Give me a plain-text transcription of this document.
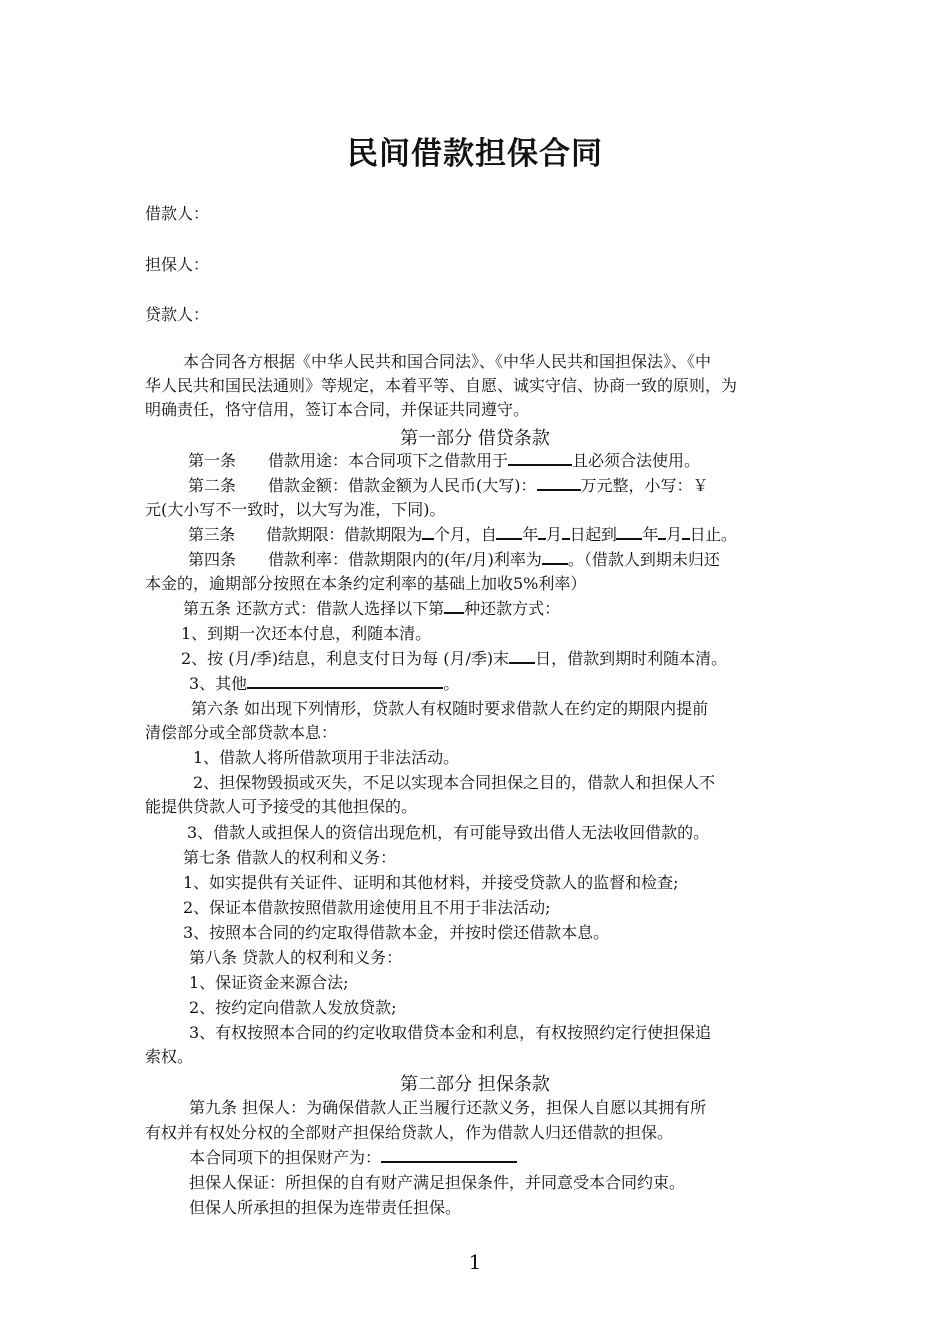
民间借款担保合同
借款人：
担保人：
贷款人：
本合同各方根据《中华人民共和国合同法》、《中华人民共和国担保法》、《中
华人民共和国民法通则》等规定，本着平等、自愿、诚实守信、协商一致的原则，为
明确责任，恪守信用，签订本合同，并保证共同遵守。
第一部分 借贷条款
第一条　　借款用途：本合同项下之借款用于	且必须合法使用。
第二条　　借款金额：借款金额为人民币(大写)：	万元整，小写：￥
元(大小写不一致时，以大写为准，下同)。
第三条　　借款期限：借款期限为 个月，自 年 月 日起到 年 月 日止。
第四条　　借款利率：借款期限内的(年/月)利率为 。（借款人到期未归还
本金的，逾期部分按照在本条约定利率的基础上加收5%利率）
第五条 还款方式：借款人选择以下第 种还款方式：
1、到期一次还本付息，利随本清。
2、按 (月/季)结息，利息支付日为每 (月/季)末 日，借款到期时利随本清。
3、其他	。
第六条 如出现下列情形，贷款人有权随时要求借款人在约定的期限内提前
清偿部分或全部贷款本息：
1、借款人将所借款项用于非法活动。
2、担保物毁损或灭失，不足以实现本合同担保之目的，借款人和担保人不
能提供贷款人可予接受的其他担保的。
3、借款人或担保人的资信出现危机，有可能导致出借人无法收回借款的。
第七条 借款人的权利和义务：
1、如实提供有关证件、证明和其他材料，并接受贷款人的监督和检查;
2、保证本借款按照借款用途使用且不用于非法活动;
3、按照本合同的约定取得借款本金，并按时偿还借款本息。
第八条 贷款人的权利和义务：
1、保证资金来源合法;
2、按约定向借款人发放贷款;
3、有权按照本合同的约定收取借贷本金和利息，有权按照约定行使担保追
索权。
第二部分 担保条款
第九条 担保人：为确保借款人正当履行还款义务，担保人自愿以其拥有所
有权并有权处分权的全部财产担保给贷款人，作为借款人归还借款的担保。
本合同项下的担保财产为：
担保人保证：所担保的自有财产满足担保条件，并同意受本合同约束。
但保人所承担的担保为连带责任担保。
1
